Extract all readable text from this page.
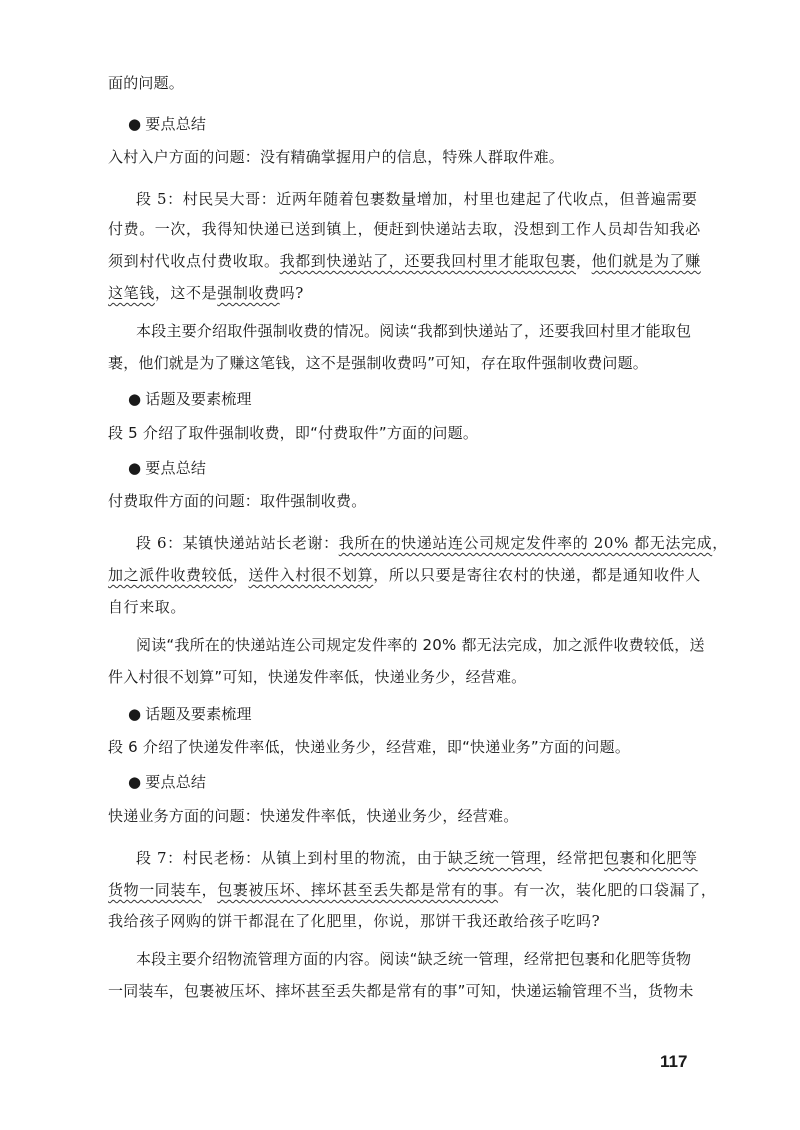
面的问题。
● 要点总结
入村入户方面的问题：没有精确掌握用户的信息，特殊人群取件难。
段 5：村民吴大哥：近两年随着包裹数量增加，村里也建起了代收点，但普遍需要
付费。一次，我得知快递已送到镇上，便赶到快递站去取，没想到工作人员却告知我必
须到村代收点付费收取。我都到快递站了，还要我回村里才能取包裹，他们就是为了赚
这笔钱，这不是强制收费吗?
本段主要介绍取件强制收费的情况。阅读“我都到快递站了，还要我回村里才能取包
裹，他们就是为了赚这笔钱，这不是强制收费吗”可知，存在取件强制收费问题。
● 话题及要素梳理
段 5 介绍了取件强制收费，即“付费取件”方面的问题。
● 要点总结
付费取件方面的问题：取件强制收费。
段 6：某镇快递站站长老谢：我所在的快递站连公司规定发件率的 20% 都无法完成，
加之派件收费较低，送件入村很不划算，所以只要是寄往农村的快递，都是通知收件人
自行来取。
阅读“我所在的快递站连公司规定发件率的 20% 都无法完成，加之派件收费较低，送
件入村很不划算”可知，快递发件率低，快递业务少，经营难。
● 话题及要素梳理
段 6 介绍了快递发件率低，快递业务少，经营难，即“快递业务”方面的问题。
● 要点总结
快递业务方面的问题：快递发件率低，快递业务少，经营难。
段 7：村民老杨：从镇上到村里的物流，由于缺乏统一管理，经常把包裹和化肥等
货物一同装车，包裹被压坏、摔坏甚至丢失都是常有的事。有一次，装化肥的口袋漏了，
我给孩子网购的饼干都混在了化肥里，你说，那饼干我还敢给孩子吃吗?
本段主要介绍物流管理方面的内容。阅读“缺乏统一管理，经常把包裹和化肥等货物
一同装车，包裹被压坏、摔坏甚至丢失都是常有的事”可知，快递运输管理不当，货物未
117
